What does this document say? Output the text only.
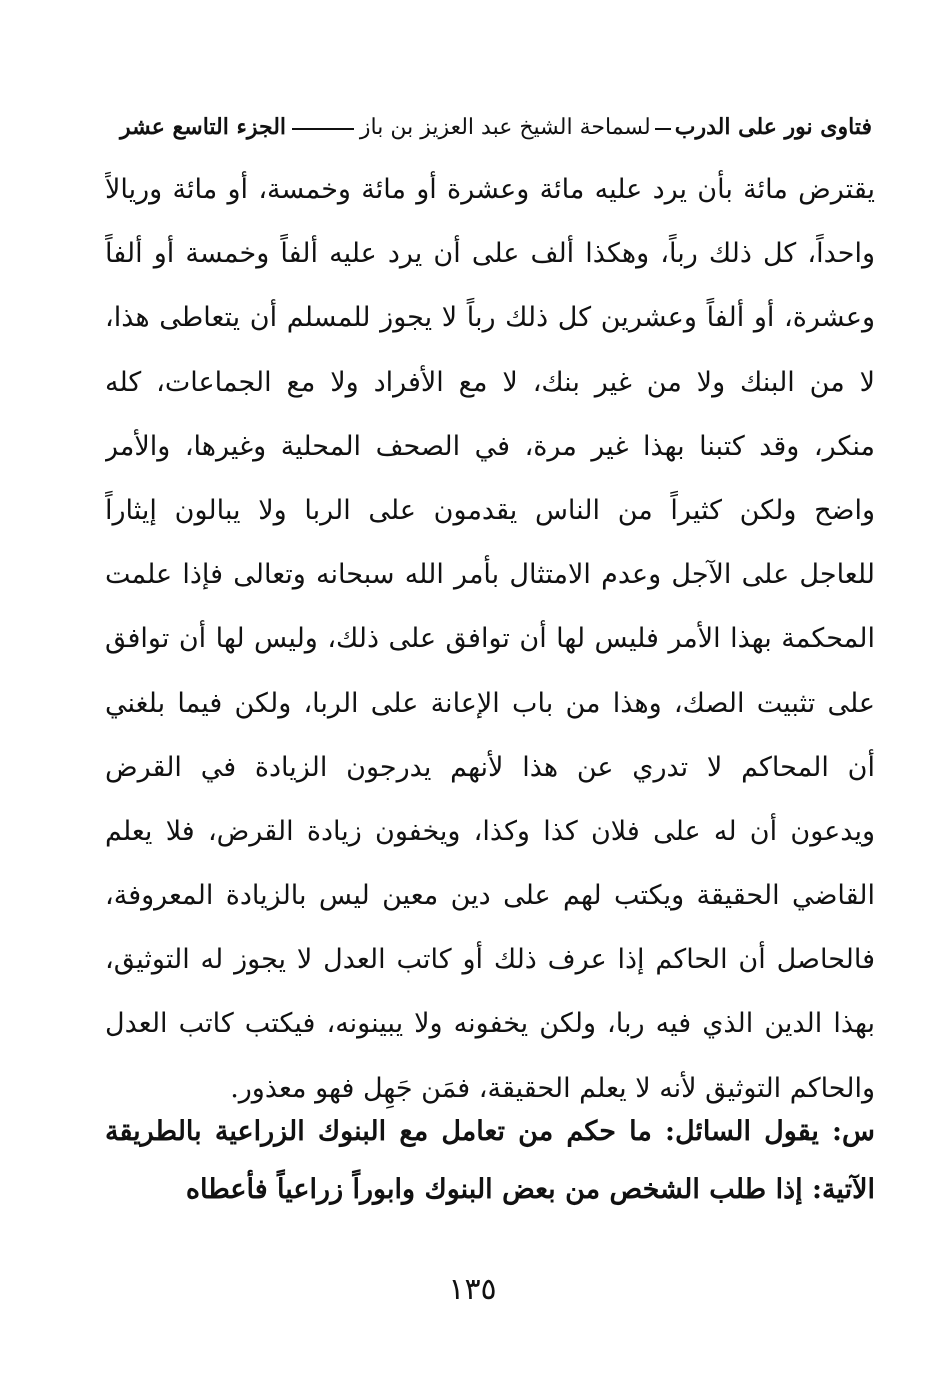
فتاوى نور على الدرب
لسماحة الشيخ عبد العزيز بن باز
الجزء التاسع عشر
يقترض مائة بأن يرد عليه مائة وعشرة أو مائة وخمسة، أو مائة وريالاً
واحداً، كل ذلك رباً، وهكذا ألف على أن يرد عليه ألفاً وخمسة أو ألفاً
وعشرة، أو ألفاً وعشرين كل ذلك رباً لا يجوز للمسلم أن يتعاطى هذا،
لا من البنك ولا من غير بنك، لا مع الأفراد ولا مع الجماعات، كله
منكر، وقد كتبنا بهذا غير مرة، في الصحف المحلية وغيرها، والأمر
واضح ولكن كثيراً من الناس يقدمون على الربا ولا يبالون إيثاراً
للعاجل على الآجل وعدم الامتثال بأمر الله سبحانه وتعالى فإذا علمت
المحكمة بهذا الأمر فليس لها أن توافق على ذلك، وليس لها أن توافق
على تثبيت الصك، وهذا من باب الإعانة على الربا، ولكن فيما بلغني
أن المحاكم لا تدري عن هذا لأنهم يدرجون الزيادة في القرض
ويدعون أن له على فلان كذا وكذا، ويخفون زيادة القرض، فلا يعلم
القاضي الحقيقة ويكتب لهم على دين معين ليس بالزيادة المعروفة،
فالحاصل أن الحاكم إذا عرف ذلك أو كاتب العدل لا يجوز له التوثيق،
بهذا الدين الذي فيه ربا، ولكن يخفونه ولا يبينونه، فيكتب كاتب العدل
والحاكم التوثيق لأنه لا يعلم الحقيقة، فمَن جَهِل فهو معذور.
س: يقول السائل: ما حكم من تعامل مع البنوك الزراعية بالطريقة
الآتية: إذا طلب الشخص من بعض البنوك وابوراً زراعياً فأعطاه
١٣٥
